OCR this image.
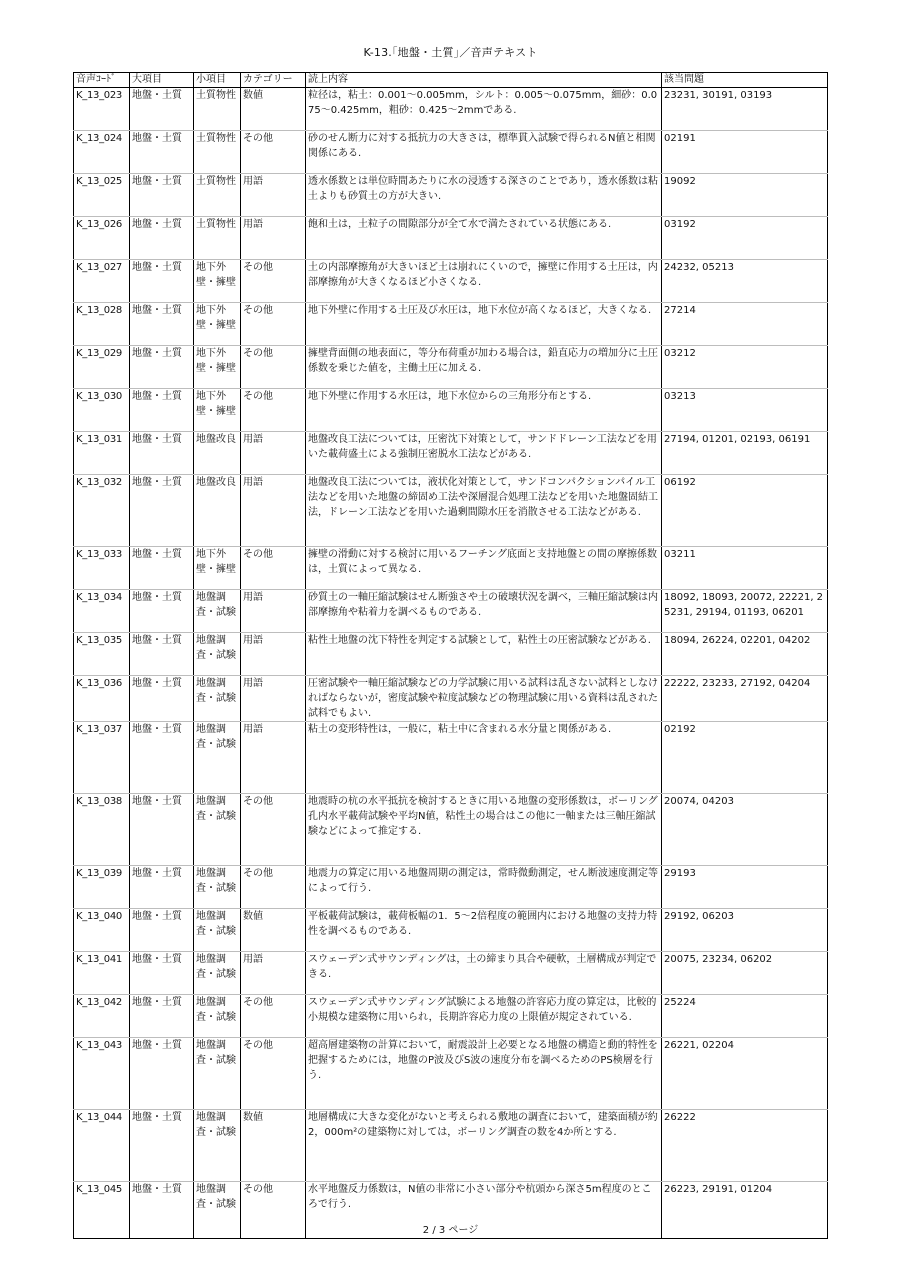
K-13.｢地盤・土質｣／音声テキスト
音声ｺｰﾄﾞ	大項目	小項目	カテゴリー	読上内容	該当問題
K_13_023	地盤・土質	土質物性	数値	粒径は，粘土：0.001～0.005mm，シルト：0.005～0.075mm，細砂：0.075～0.425mm，粗砂：0.425～2mmである.	23231, 30191, 03193
K_13_024	地盤・土質	土質物性	その他	砂のせん断力に対する抵抗力の大きさは，標準貫入試験で得られるN値と相関関係にある.	02191
K_13_025	地盤・土質	土質物性	用語	透水係数とは単位時間あたりに水の浸透する深さのことであり，透水係数は粘土よりも砂質土の方が大きい.	19092
K_13_026	地盤・土質	土質物性	用語	飽和土は，土粒子の間隙部分が全て水で満たされている状態にある.	03192
K_13_027	地盤・土質	地下外壁・擁壁	その他	土の内部摩擦角が大きいほど土は崩れにくいので，擁壁に作用する土圧は，内部摩擦角が大きくなるほど小さくなる.	24232, 05213
K_13_028	地盤・土質	地下外壁・擁壁	その他	地下外壁に作用する土圧及び水圧は，地下水位が高くなるほど，大きくなる.	27214
K_13_029	地盤・土質	地下外壁・擁壁	その他	擁壁背面側の地表面に，等分布荷重が加わる場合は，鉛直応力の増加分に土圧係数を乗じた値を，主働土圧に加える.	03212
K_13_030	地盤・土質	地下外壁・擁壁	その他	地下外壁に作用する水圧は，地下水位からの三角形分布とする.	03213
K_13_031	地盤・土質	地盤改良	用語	地盤改良工法については，圧密沈下対策として，サンドドレーン工法などを用いた載荷盛土による強制圧密脱水工法などがある.	27194, 01201, 02193, 06191
K_13_032	地盤・土質	地盤改良	用語	地盤改良工法については，液状化対策として，サンドコンパクションパイル工法などを用いた地盤の締固め工法や深層混合処理工法などを用いた地盤固結工法，ドレーン工法などを用いた過剰間隙水圧を消散させる工法などがある.	06192
K_13_033	地盤・土質	地下外壁・擁壁	その他	擁壁の滑動に対する検討に用いるフーチング底面と支持地盤との間の摩擦係数は，土質によって異なる.	03211
K_13_034	地盤・土質	地盤調査・試験	用語	砂質土の一軸圧縮試験はせん断強さや土の破壊状況を調べ，三軸圧縮試験は内部摩擦角や粘着力を調べるものである.	18092, 18093, 20072, 22221, 25231, 29194, 01193, 06201
K_13_035	地盤・土質	地盤調査・試験	用語	粘性土地盤の沈下特性を判定する試験として，粘性土の圧密試験などがある.	18094, 26224, 02201, 04202
K_13_036	地盤・土質	地盤調査・試験	用語	圧密試験や一軸圧縮試験などの力学試験に用いる試料は乱さない試料としなければならないが，密度試験や粒度試験などの物理試験に用いる資料は乱された試料でもよい.	22222, 23233, 27192, 04204
K_13_037	地盤・土質	地盤調査・試験	用語	粘土の変形特性は，一般に，粘土中に含まれる水分量と関係がある.	02192
K_13_038	地盤・土質	地盤調査・試験	その他	地震時の杭の水平抵抗を検討するときに用いる地盤の変形係数は，ボーリング孔内水平載荷試験や平均N値，粘性土の場合はこの他に一軸または三軸圧縮試験などによって推定する.	20074, 04203
K_13_039	地盤・土質	地盤調査・試験	その他	地震力の算定に用いる地盤周期の測定は，常時微動測定，せん断波速度測定等によって行う.	29193
K_13_040	地盤・土質	地盤調査・試験	数値	平板載荷試験は，載荷板幅の1．5～2倍程度の範囲内における地盤の支持力特性を調べるものである.	29192, 06203
K_13_041	地盤・土質	地盤調査・試験	用語	スウェーデン式サウンディングは，土の締まり具合や硬軟，土層構成が判定できる.	20075, 23234, 06202
K_13_042	地盤・土質	地盤調査・試験	その他	スウェーデン式サウンディング試験による地盤の許容応力度の算定は，比較的小規模な建築物に用いられ，長期許容応力度の上限値が規定されている.	25224
K_13_043	地盤・土質	地盤調査・試験	その他	超高層建築物の計算において，耐震設計上必要となる地盤の構造と動的特性を把握するためには，地盤のP波及びS波の速度分布を調べるためのPS検層を行う.	26221, 02204
K_13_044	地盤・土質	地盤調査・試験	数値	地層構成に大きな変化がないと考えられる敷地の調査において，建築面積が約2，000m²の建築物に対しては，ボーリング調査の数を4か所とする.	26222
K_13_045	地盤・土質	地盤調査・試験	その他	水平地盤反力係数は，N値の非常に小さい部分や杭頭から深さ5m程度のところで行う.	26223, 29191, 01204
2 / 3 ページ
